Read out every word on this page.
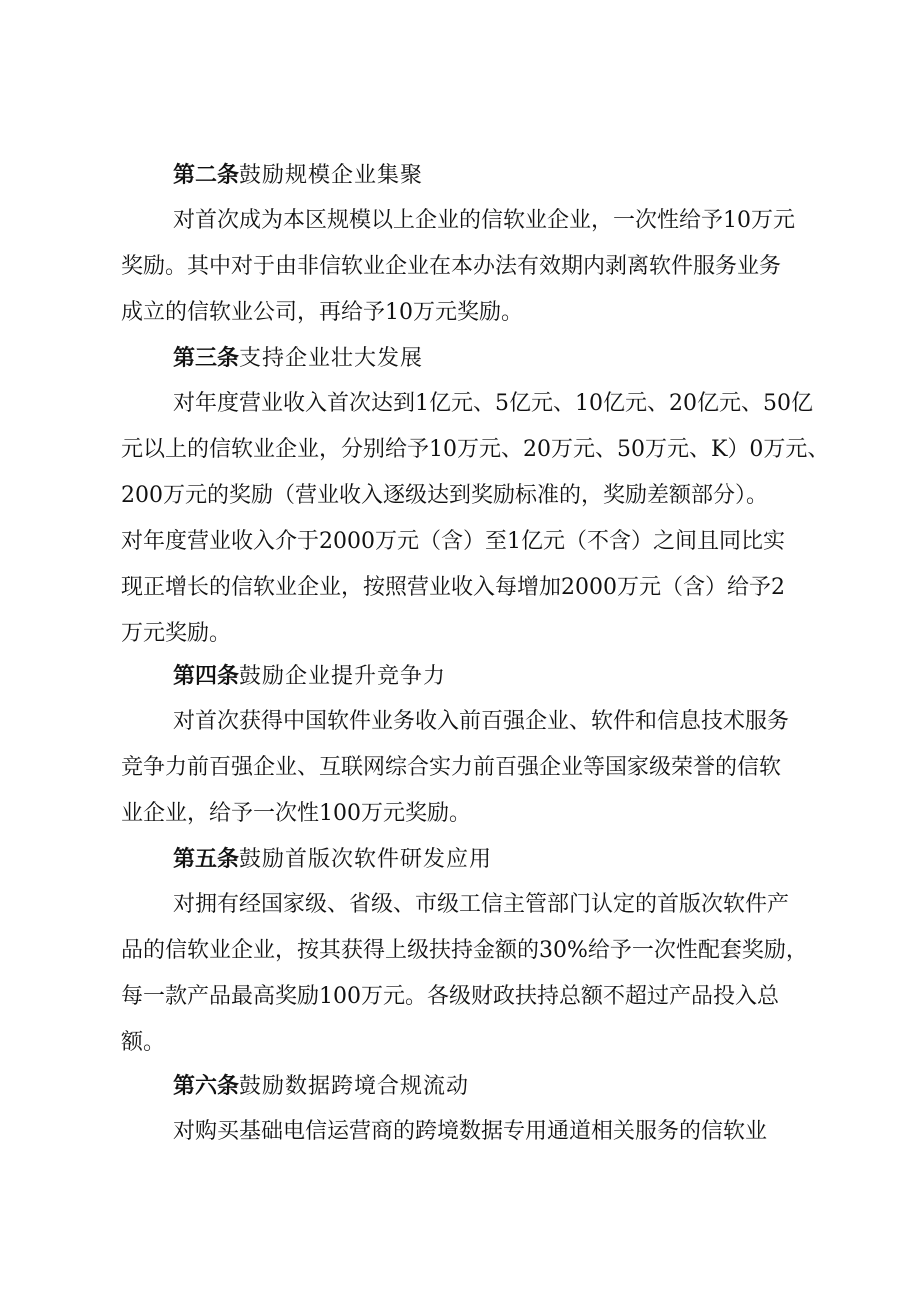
第二条鼓励规模企业集聚
对首次成为本区规模以上企业的信软业企业，一次性给予10万元
奖励。其中对于由非信软业企业在本办法有效期内剥离软件服务业务
成立的信软业公司，再给予10万元奖励。
第三条支持企业壮大发展
对年度营业收入首次达到1亿元、5亿元、10亿元、20亿元、50亿
元以上的信软业企业，分别给予10万元、20万元、50万元、K）0万元、
200万元的奖励（营业收入逐级达到奖励标准的，奖励差额部分）。
对年度营业收入介于2000万元（含）至1亿元（不含）之间且同比实
现正增长的信软业企业，按照营业收入每增加2000万元（含）给予2
万元奖励。
第四条鼓励企业提升竞争力
对首次获得中国软件业务收入前百强企业、软件和信息技术服务
竞争力前百强企业、互联网综合实力前百强企业等国家级荣誉的信软
业企业，给予一次性100万元奖励。
第五条鼓励首版次软件研发应用
对拥有经国家级、省级、市级工信主管部门认定的首版次软件产
品的信软业企业，按其获得上级扶持金额的30%给予一次性配套奖励，
每一款产品最高奖励100万元。各级财政扶持总额不超过产品投入总
额。
第六条鼓励数据跨境合规流动
对购买基础电信运营商的跨境数据专用通道相关服务的信软业
